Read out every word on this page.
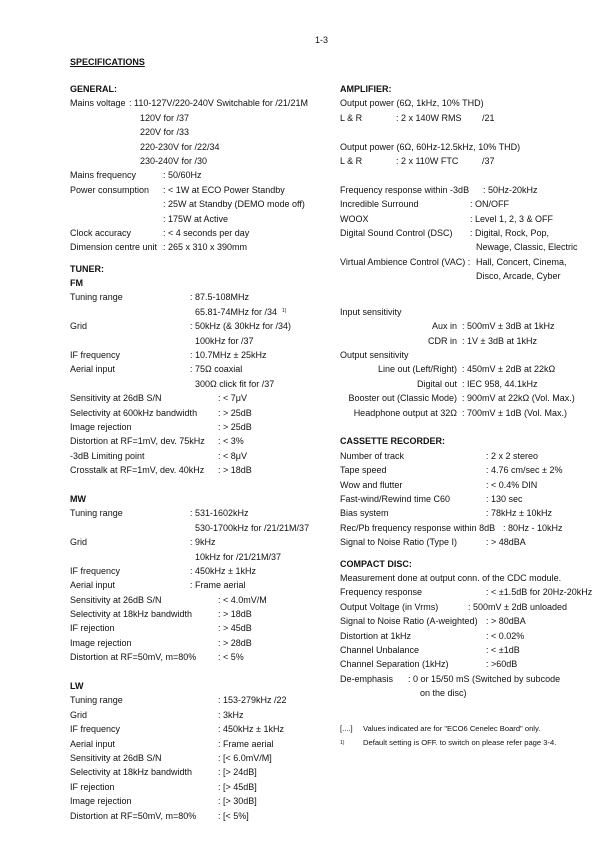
1-3
SPECIFICATIONS
GENERAL:
Mains voltage : 110-127V/220-240V Switchable for /21/21M
120V for /37
220V for /33
220-230V for /22/34
230-240V for /30
Mains frequency	: 50/60Hz
Power consumption : < 1W at ECO Power Standby
: 25W at Standby (DEMO mode off)
: 175W at Active
Clock accuracy	: < 4 seconds per day
Dimension centre unit : 265 x 310 x 390mm
TUNER:
FM
Tuning range	: 87.5-108MHz
65.81-74MHz for /34 1)
Grid	: 50kHz (& 30kHz for /34)
100kHz for /37
IF frequency	: 10.7MHz ± 25kHz
Aerial input	: 75Ω coaxial
300Ω click fit for /37
Sensitivity at 26dB S/N	: < 7μV
Selectivity at 600kHz bandwidth : > 25dB
Image rejection	: > 25dB
Distortion at RF=1mV, dev. 75kHz : < 3%
-3dB Limiting point	: < 8μV
Crosstalk at RF=1mV, dev. 40kHz : > 18dB
MW
Tuning range	: 531-1602kHz
530-1700kHz for /21/21M/37
Grid	: 9kHz
10kHz for /21/21M/37
IF frequency	: 450kHz ± 1kHz
Aerial input	: Frame aerial
Sensitivity at 26dB S/N	: < 4.0mV/M
Selectivity at 18kHz bandwidth	: > 18dB
IF rejection	: > 45dB
Image rejection	: > 28dB
Distortion at RF=50mV, m=80% : < 5%
LW
Tuning range	: 153-279kHz /22
Grid	: 3kHz
IF frequency	: 450kHz ± 1kHz
Aerial input	: Frame aerial
Sensitivity at 26dB S/N	: [< 6.0mV/M]
Selectivity at 18kHz bandwidth	: [> 24dB]
IF rejection	: [> 45dB]
Image rejection	: [> 30dB]
Distortion at RF=50mV, m=80% : [< 5%]
AMPLIFIER:
Output power (6Ω, 1kHz, 10% THD)
L & R	: 2 x 140W RMS /21
Output power (6Ω, 60Hz-12.5kHz, 10% THD)
L & R	: 2 x 110W FTC	/37
Frequency response within -3dB : 50Hz-20kHz
Incredible Surround	: ON/OFF
WOOX	: Level 1, 2, 3 & OFF
Digital Sound Control (DSC) : Digital, Rock, Pop,
Newage, Classic, Electric
Virtual Ambience Control (VAC) : Hall, Concert, Cinema,
Disco, Arcade, Cyber
Input sensitivity
Aux in : 500mV ± 3dB at 1kHz
CDR in : 1V ± 3dB at 1kHz
Output sensitivity
Line out (Left/Right) : 450mV ± 2dB at 22kΩ
Digital out : IEC 958, 44.1kHz
Booster out (Classic Mode) : 900mV at 22kΩ (Vol. Max.)
Headphone output at 32Ω : 700mV ± 1dB (Vol. Max.)
CASSETTE RECORDER:
Number of track	: 2 x 2 stereo
Tape speed	: 4.76 cm/sec ± 2%
Wow and flutter	: < 0.4% DIN
Fast-wind/Rewind time C60	: 130 sec
Bias system	: 78kHz ± 10kHz
Rec/Pb frequency response within 8dB : 80Hz - 10kHz
Signal to Noise Ratio (Type I)	: > 48dBA
COMPACT DISC:
Measurement done at output conn. of the CDC module.
Frequency response	: < ±1.5dB for 20Hz-20kHz
Output Voltage (in Vrms)	: 500mV ± 2dB unloaded
Signal to Noise Ratio (A-weighted) : > 80dBA
Distortion at 1kHz	: < 0.02%
Channel Unbalance	: < ±1dB
Channel Separation (1kHz)	: >60dB
De-emphasis : 0 or 15/50 mS (Switched by subcode
on the disc)
[....] Values indicated are for "ECO6 Cenelec Board" only.
1) Default setting is OFF. to switch on please refer page 3-4.
